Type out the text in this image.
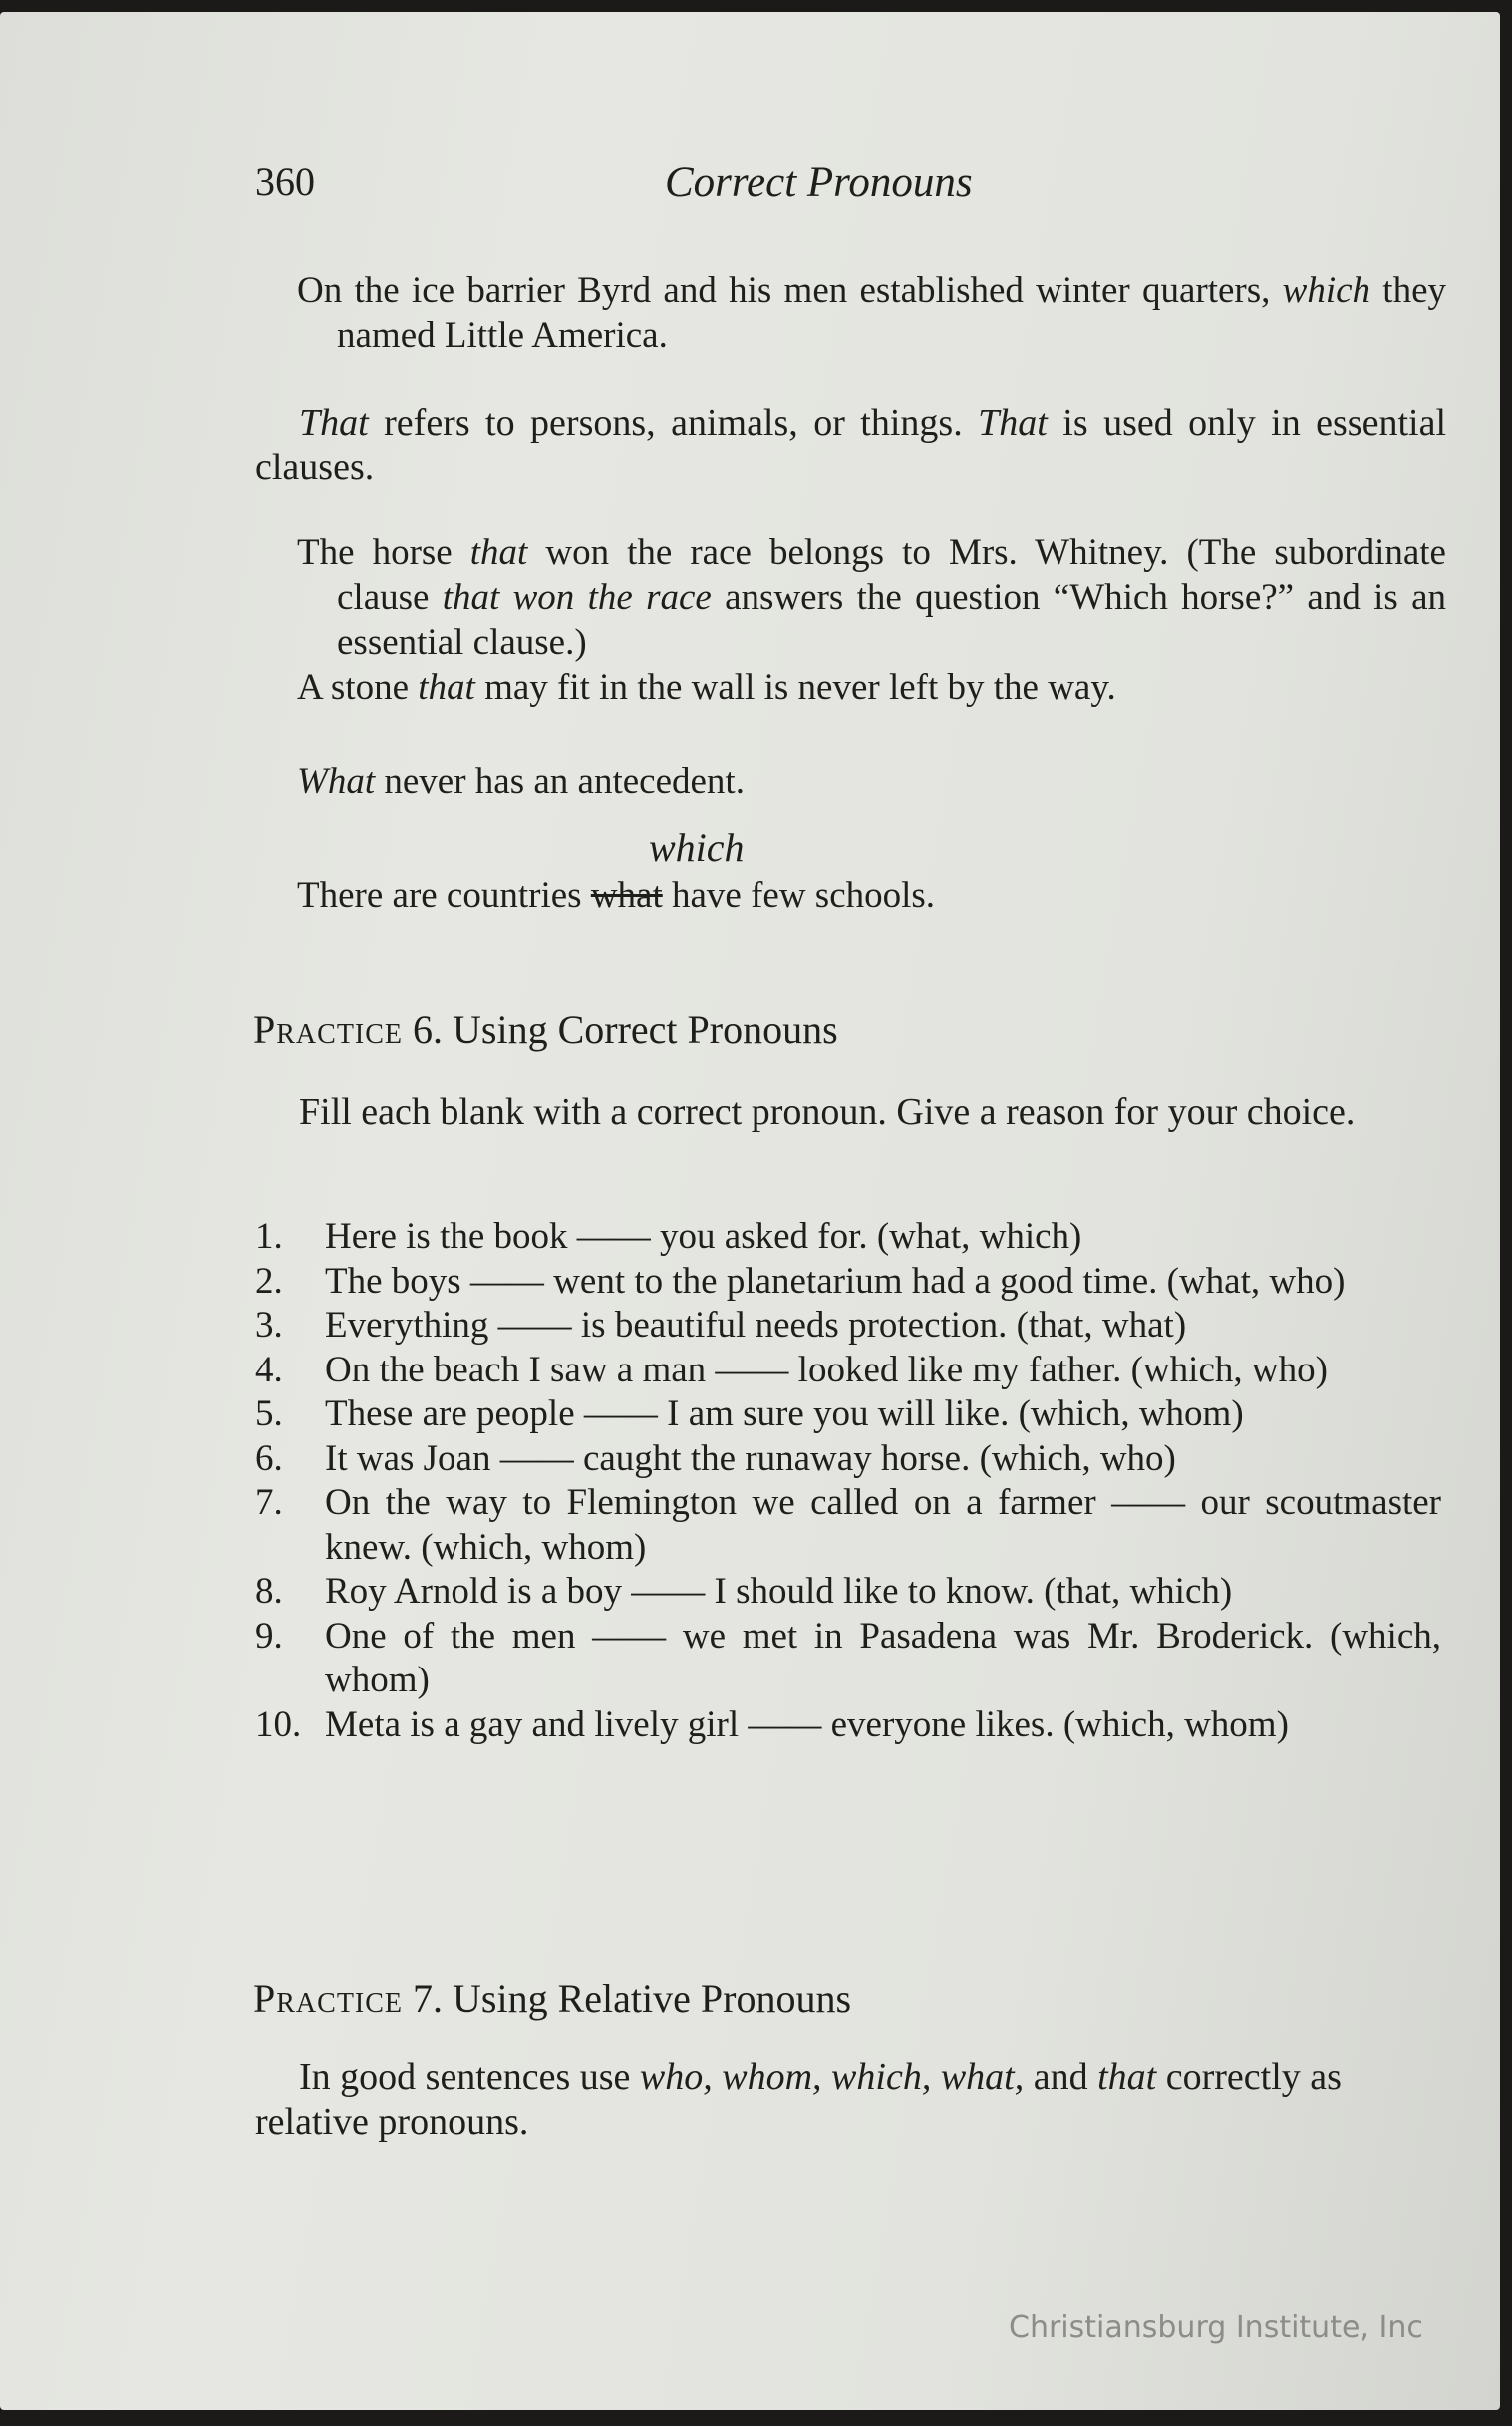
360	Correct Pronouns

On the ice barrier Byrd and his men established winter quarters, which they named Little America.

That refers to persons, animals, or things. That is used only in essential clauses.

The horse that won the race belongs to Mrs. Whitney. (The subordinate clause that won the race answers the question “Which horse?” and is an essential clause.)

A stone that may fit in the wall is never left by the way.

What never has an antecedent.

which

There are countries what have few schools.

Practice 6. Using Correct Pronouns

Fill each blank with a correct pronoun. Give a reason for your choice.

1.	Here is the book —— you asked for. (what, which)
2.	The boys —— went to the planetarium had a good time. (what, who)
3.	Everything —— is beautiful needs protection. (that, what)
4.	On the beach I saw a man —— looked like my father. (which, who)
5.	These are people —— I am sure you will like. (which, whom)
6.	It was Joan —— caught the runaway horse. (which, who)
7.	On the way to Flemington we called on a farmer —— our scoutmaster knew. (which, whom)
8.	Roy Arnold is a boy —— I should like to know. (that, which)
9.	One of the men —— we met in Pasadena was Mr. Broderick. (which, whom)
10. Meta is a gay and lively girl —— everyone likes. (which, whom)
Practice 7. Using Relative Pronouns

In good sentences use who, whom, which, what, and that correctly as relative pronouns.

Christiansburg Institute, Inc
